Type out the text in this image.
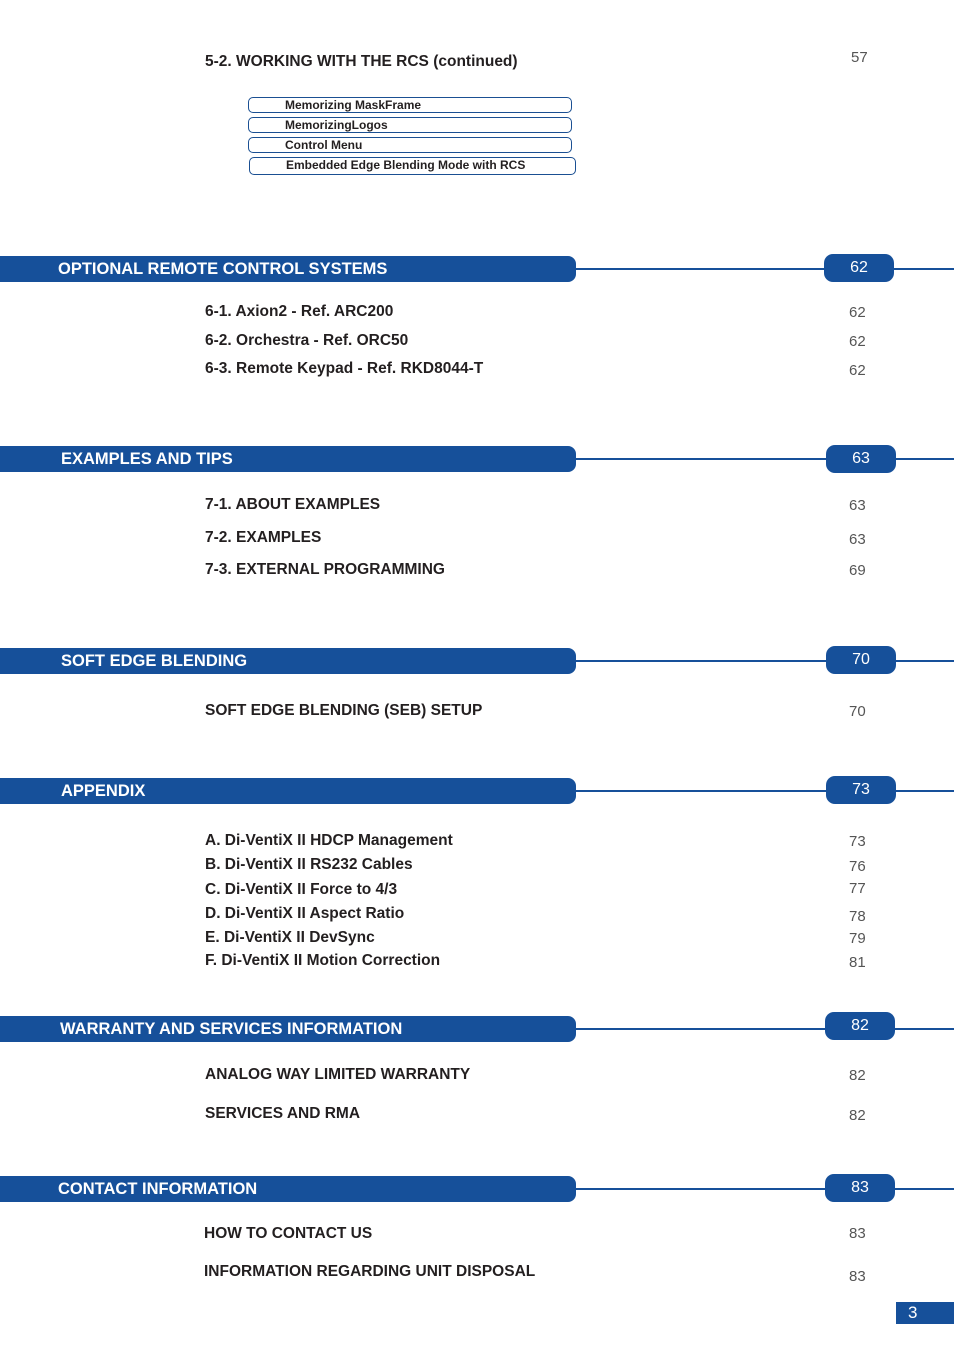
5-2. WORKING WITH THE RCS (continued)	57
Memorizing MaskFrame
MemorizingLogos
Control Menu
Embedded Edge Blending Mode with RCS
OPTIONAL REMOTE CONTROL SYSTEMS	62
6-1. Axion2 - Ref. ARC200	62
6-2. Orchestra - Ref. ORC50	62
6-3. Remote Keypad - Ref. RKD8044-T	62
EXAMPLES AND TIPS	63
7-1. ABOUT EXAMPLES	63
7-2. EXAMPLES	63
7-3. EXTERNAL PROGRAMMING	69
SOFT EDGE BLENDING	70
SOFT EDGE BLENDING (SEB) SETUP	70
APPENDIX	73
A. Di-VentiX II HDCP Management	73
B. Di-VentiX II RS232 Cables	76
C. Di-VentiX II Force to 4/3	77
D. Di-VentiX II Aspect Ratio	78
E. Di-VentiX II DevSync	79
F. Di-VentiX II Motion Correction	81
WARRANTY AND SERVICES INFORMATION	82
ANALOG WAY LIMITED WARRANTY	82
SERVICES AND RMA	82
CONTACT INFORMATION	83
HOW TO CONTACT US	83
INFORMATION REGARDING UNIT DISPOSAL	83
3
